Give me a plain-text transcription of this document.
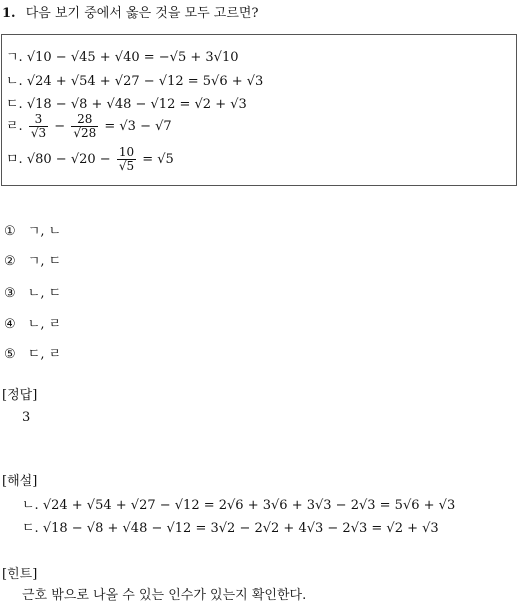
1. 다음 보기 중에서 옳은 것을 모두 고르면?
ㄱ. √10 − √45 + √40 = −√5 + 3√10
ㄴ. √24 + √54 + √27 − √12 = 5√6 + √3
ㄷ. √18 − √8 + √48 − √12 = √2 + √3
ㄹ. $\frac{3}{√3} - \frac{28}{√28} = √3 - √7$
ㅁ. $√80 - √20 - \frac{10}{√5} = √5$
① ㄱ, ㄴ
② ㄱ, ㄷ
③ ㄴ, ㄷ
④ ㄴ, ㄹ
⑤ ㄷ, ㄹ
[정답]
3
[해설]
ㄴ. √24 + √54 + √27 − √12 = 2√6 + 3√6 + 3√3 − 2√3 = 5√6 + √3
ㄷ. √18 − √8 + √48 − √12 = 3√2 − 2√2 + 4√3 − 2√3 = √2 + √3
[힌트]
근호 밖으로 나올 수 있는 인수가 있는지 확인한다.
